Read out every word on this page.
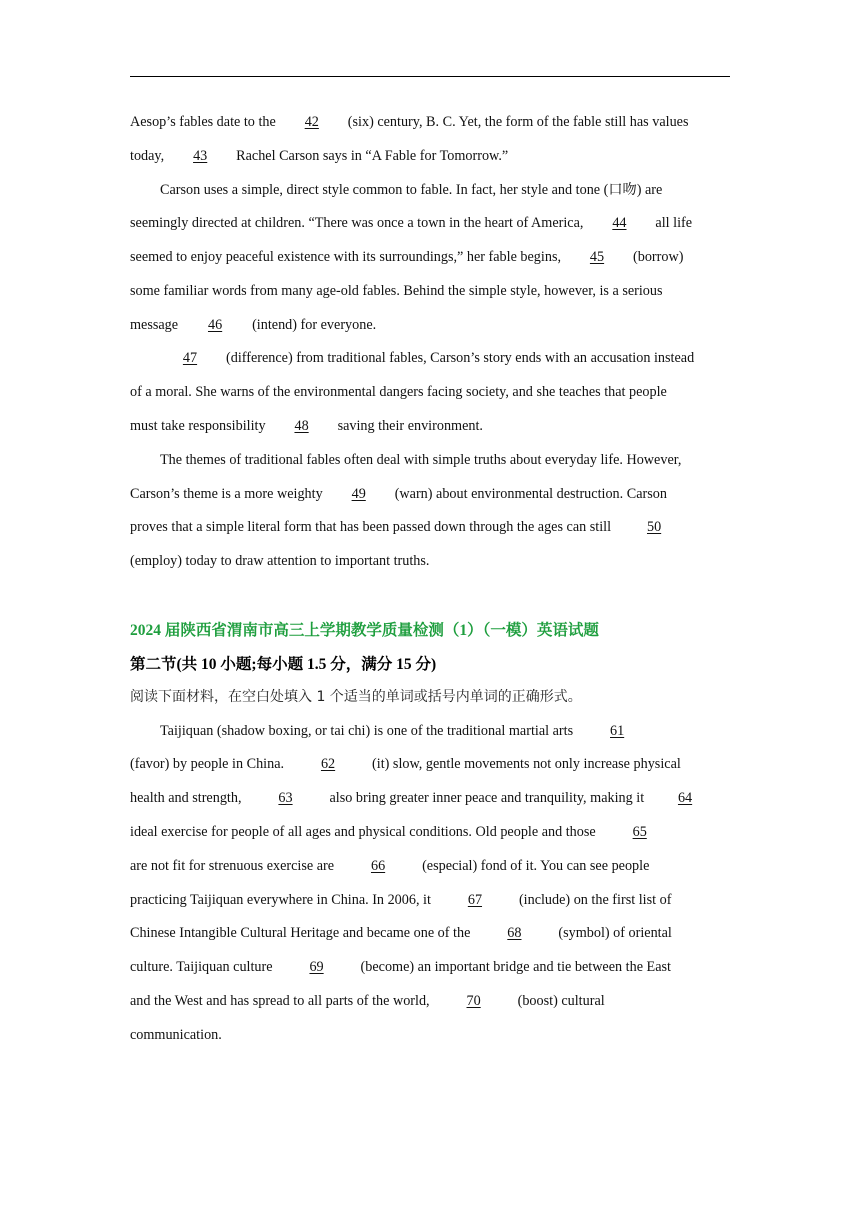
Aesop’s fables date to the 42 (six) century, B. C. Yet, the form of the fable still has values
today, 43 Rachel Carson says in “A Fable for Tomorrow.”
Carson uses a simple, direct style common to fable. In fact, her style and tone (口吻) are
seemingly directed at children. “There was once a town in the heart of America, 44 all life
seemed to enjoy peaceful existence with its surroundings,” her fable begins, 45 (borrow)
some familiar words from many age-old fables. Behind the simple style, however, is a serious
message 46 (intend) for everyone.
47 (difference) from traditional fables, Carson’s story ends with an accusation instead
of a moral. She warns of the environmental dangers facing society, and she teaches that people
must take responsibility 48 saving their environment.
The themes of traditional fables often deal with simple truths about everyday life. However,
Carson’s theme is a more weighty 49 (warn) about environmental destruction. Carson
proves that a simple literal form that has been passed down through the ages can still	50
(employ) today to draw attention to important truths.
2024 届陕西省渭南市高三上学期教学质量检测（1）（一模）英语试题
第二节(共 10 小题;每小题 1.5 分，满分 15 分)
阅读下面材料，在空白处填入 1 个适当的单词或括号内单词的正确形式。
Taijiquan (shadow boxing, or tai chi) is one of the traditional martial arts	61
(favor) by people in China.	62	(it) slow, gentle movements not only increase physical
health and strength,	63	also bring greater inner peace and tranquility, making it 64
ideal exercise for people of all ages and physical conditions. Old people and those	65
are not fit for strenuous exercise are	66	(especial) fond of it. You can see people
practicing Taijiquan everywhere in China. In 2006, it	67	(include) on the first list of
Chinese Intangible Cultural Heritage and became one of the	68	(symbol) of oriental
culture. Taijiquan culture	69	(become) an important bridge and tie between the East
and the West and has spread to all parts of the world,	70	(boost) cultural
communication.
